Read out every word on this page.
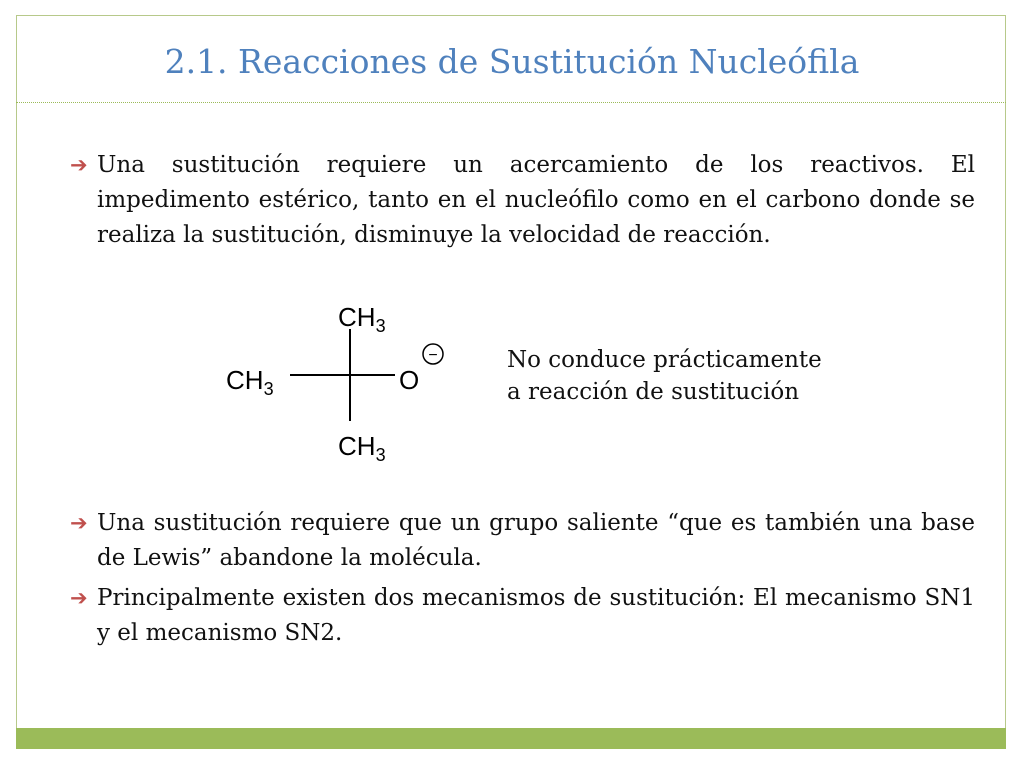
2.1. Reacciones de Sustitución Nucleófila
➔ Una sustitución requiere un acercamiento de los reactivos. El impedimento estérico, tanto en el nucleófilo como en el carbono donde se realiza la sustitución, disminuye la velocidad de reacción.
$CH_3$
$CH_3$
$CH_3$
O
−	No conduce prácticamente
a reacción de sustitución
➔ Una sustitución requiere que un grupo saliente “que es también una base de Lewis” abandone la molécula.
➔ Principalmente existen dos mecanismos de sustitución: El mecanismo SN1 y el mecanismo SN2.
